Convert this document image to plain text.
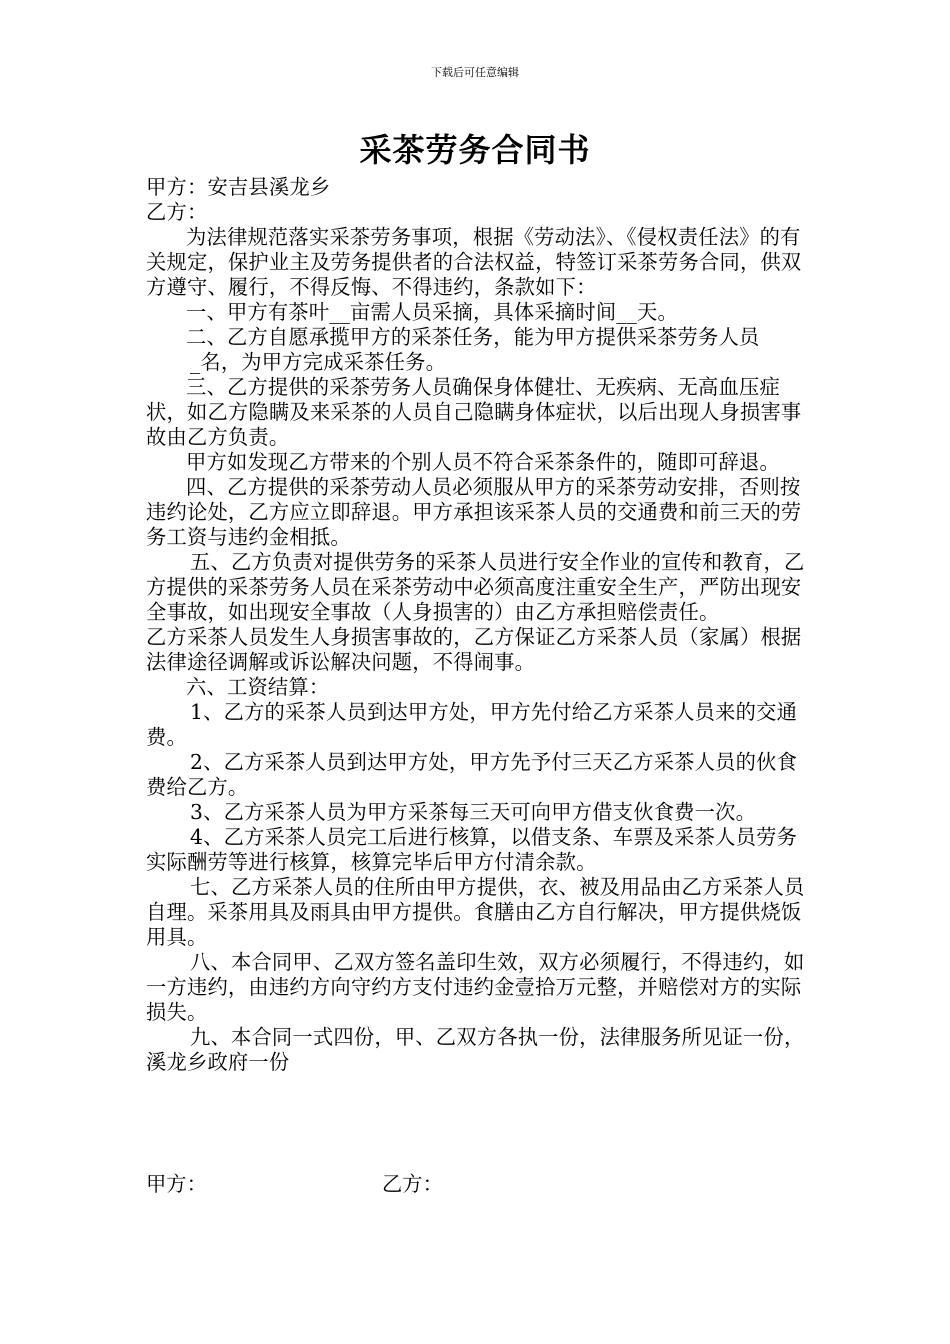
下载后可任意编辑
采茶劳务合同书

甲方：安吉县溪龙乡

乙方：

为法律规范落实采茶劳务事项，根据《劳动法》、《侵权责任法》的有关规定，保护业主及劳务提供者的合法权益，特签订采茶劳务合同，供双方遵守、履行，不得反悔、不得违约，条款如下：

一、甲方有茶叶__亩需人员采摘，具体采摘时间__天。

二、乙方自愿承揽甲方的采茶任务，能为甲方提供采茶劳务人员

_名，为甲方完成采茶任务。

三、乙方提供的采茶劳务人员确保身体健壮、无疾病、无高血压症状，如乙方隐瞒及来采茶的人员自己隐瞒身体症状，以后出现人身损害事故由乙方负责。

甲方如发现乙方带来的个别人员不符合采茶条件的，随即可辞退。

四、乙方提供的采茶劳动人员必须服从甲方的采茶劳动安排，否则按违约论处，乙方应立即辞退。甲方承担该采茶人员的交通费和前三天的劳务工资与违约金相抵。

五、乙方负责对提供劳务的采茶人员进行安全作业的宣传和教育，乙方提供的采茶劳务人员在采茶劳动中必须高度注重安全生产，严防出现安全事故，如出现安全事故（人身损害的）由乙方承担赔偿责任。

乙方采茶人员发生人身损害事故的，乙方保证乙方采茶人员（家属）根据法律途径调解或诉讼解决问题，不得闹事。

六、工资结算：

1、乙方的采茶人员到达甲方处，甲方先付给乙方采茶人员来的交通费。

2、乙方采茶人员到达甲方处，甲方先予付三天乙方采茶人员的伙食费给乙方。

3、乙方采茶人员为甲方采茶每三天可向甲方借支伙食费一次。

4、乙方采茶人员完工后进行核算，以借支条、车票及采茶人员劳务实际酬劳等进行核算，核算完毕后甲方付清余款。

七、乙方采茶人员的住所由甲方提供，衣、被及用品由乙方采茶人员自理。采茶用具及雨具由甲方提供。食膳由乙方自行解决，甲方提供烧饭用具。

八、本合同甲、乙双方签名盖印生效，双方必须履行，不得违约，如一方违约，由违约方向守约方支付违约金壹拾万元整，并赔偿对方的实际损失。

九、本合同一式四份，甲、乙双方各执一份，法律服务所见证一份，溪龙乡政府一份

甲方：	乙方：
